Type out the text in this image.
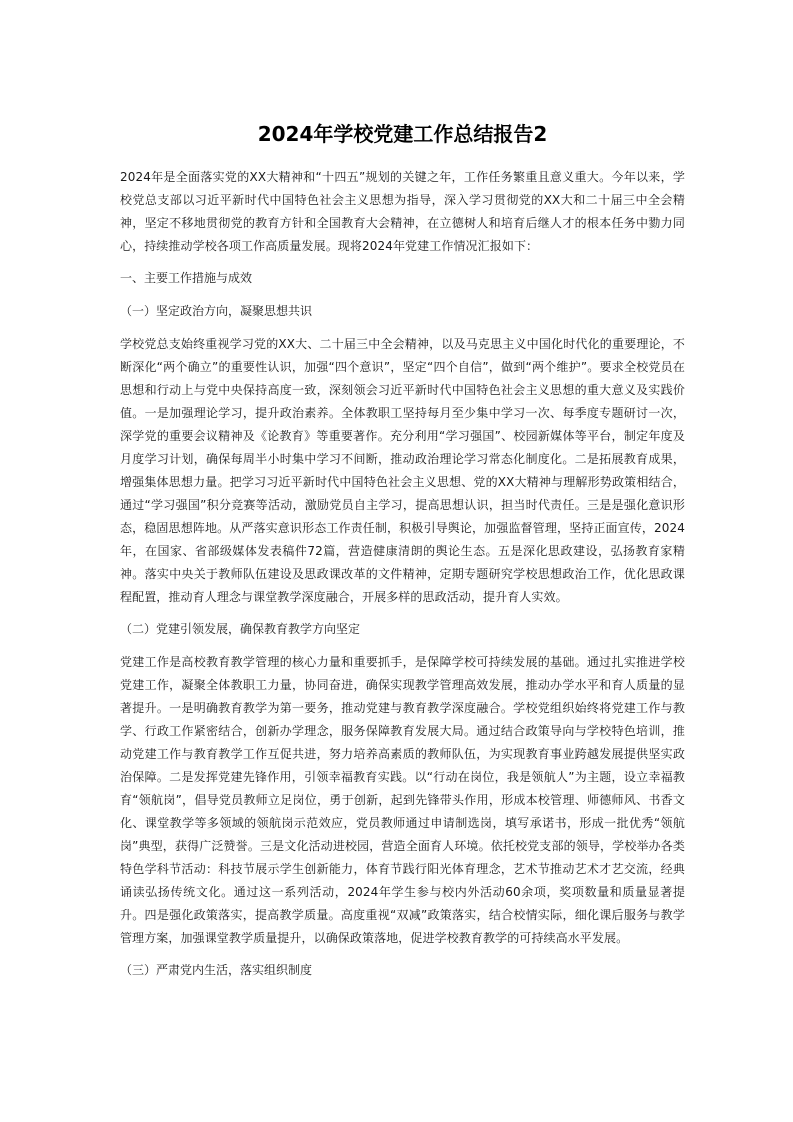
2024年学校党建工作总结报告2

2024年是全面落实党的XX大精神和“十四五”规划的关键之年，工作任务繁重且意义重大。今年以来，学校党总支部以习近平新时代中国特色社会主义思想为指导，深入学习贯彻党的XX大和二十届三中全会精神，坚定不移地贯彻党的教育方针和全国教育大会精神，在立德树人和培育后继人才的根本任务中勠力同心，持续推动学校各项工作高质量发展。现将2024年党建工作情况汇报如下：

一、主要工作措施与成效

（一）坚定政治方向，凝聚思想共识

学校党总支始终重视学习党的XX大、二十届三中全会精神，以及马克思主义中国化时代化的重要理论，不断深化“两个确立”的重要性认识，加强“四个意识”，坚定“四个自信”，做到“两个维护”。要求全校党员在思想和行动上与党中央保持高度一致，深刻领会习近平新时代中国特色社会主义思想的重大意义及实践价值。一是加强理论学习，提升政治素养。全体教职工坚持每月至少集中学习一次、每季度专题研讨一次，深学党的重要会议精神及《论教育》等重要著作。充分利用“学习强国”、校园新媒体等平台，制定年度及月度学习计划，确保每周半小时集中学习不间断，推动政治理论学习常态化制度化。二是拓展教育成果，增强集体思想力量。把学习习近平新时代中国特色社会主义思想、党的XX大精神与理解形势政策相结合，通过“学习强国”积分竞赛等活动，激励党员自主学习，提高思想认识，担当时代责任。三是是强化意识形态，稳固思想阵地。从严落实意识形态工作责任制，积极引导舆论，加强监督管理，坚持正面宣传，2024年，在国家、省部级媒体发表稿件72篇，营造健康清朗的舆论生态。五是深化思政建设，弘扬教育家精神。落实中央关于教师队伍建设及思政课改革的文件精神，定期专题研究学校思想政治工作，优化思政课程配置，推动育人理念与课堂教学深度融合，开展多样的思政活动，提升育人实效。

（二）党建引领发展，确保教育教学方向坚定

党建工作是高校教育教学管理的核心力量和重要抓手，是保障学校可持续发展的基础。通过扎实推进学校党建工作，凝聚全体教职工力量，协同奋进，确保实现教学管理高效发展，推动办学水平和育人质量的显著提升。一是明确教育教学为第一要务，推动党建与教育教学深度融合。学校党组织始终将党建工作与教学、行政工作紧密结合，创新办学理念，服务保障教育发展大局。通过结合政策导向与学校特色培训，推动党建工作与教育教学工作互促共进，努力培养高素质的教师队伍，为实现教育事业跨越发展提供坚实政治保障。二是发挥党建先锋作用，引领幸福教育实践。以“行动在岗位，我是领航人”为主题，设立幸福教育“领航岗”，倡导党员教师立足岗位，勇于创新，起到先锋带头作用，形成本校管理、师德师风、书香文化、课堂教学等多领域的领航岗示范效应，党员教师通过申请制选岗，填写承诺书，形成一批优秀“领航岗”典型，获得广泛赞誉。三是文化活动进校园，营造全面育人环境。依托校党支部的领导，学校举办各类特色学科节活动：科技节展示学生创新能力，体育节践行阳光体育理念，艺术节推动艺术才艺交流，经典诵读弘扬传统文化。通过这一系列活动，2024年学生参与校内外活动60余项，奖项数量和质量显著提升。四是强化政策落实，提高教学质量。高度重视“双减”政策落实，结合校情实际，细化课后服务与教学管理方案，加强课堂教学质量提升，以确保政策落地，促进学校教育教学的可持续高水平发展。

（三）严肃党内生活，落实组织制度
